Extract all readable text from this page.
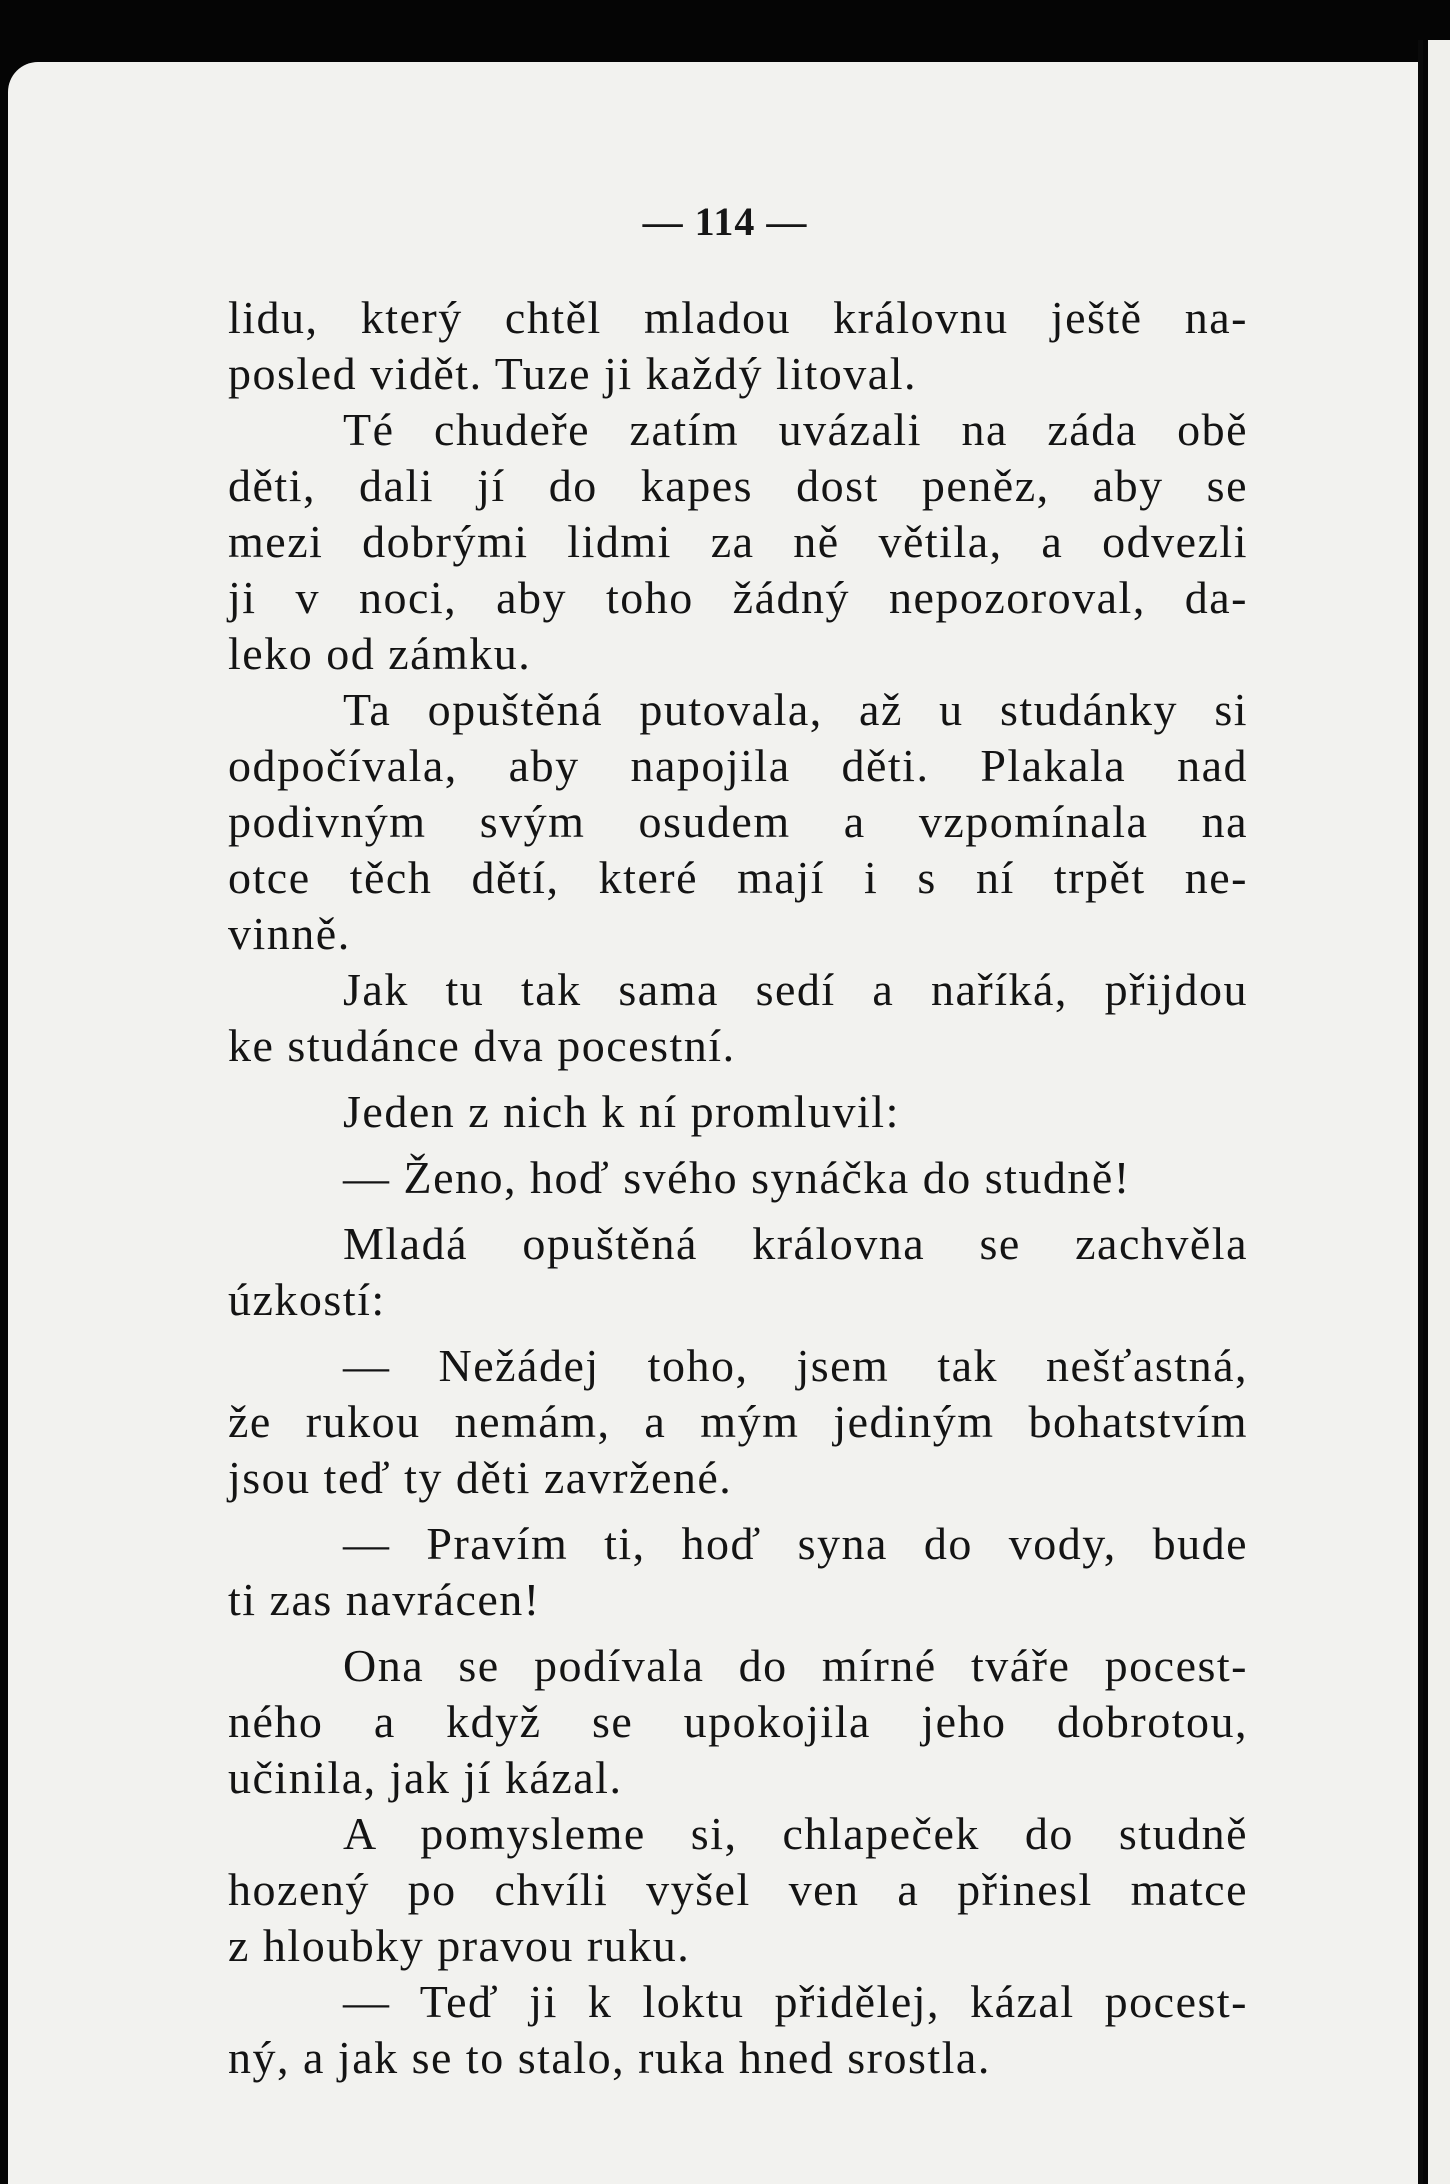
— 114 —
lidu, který chtěl mladou královnu ještě na-
posled vidět. Tuze ji každý litoval.
Té chudeře zatím uvázali na záda obě
děti, dali jí do kapes dost peněz, aby se
mezi dobrými lidmi za ně větila, a odvezli
ji v noci, aby toho žádný nepozoroval, da-
leko od zámku.
Ta opuštěná putovala, až u studánky si
odpočívala, aby napojila děti. Plakala nad
podivným svým osudem a vzpomínala na
otce těch dětí, které mají i s ní trpět ne-
vinně.
Jak tu tak sama sedí a naříká, přijdou
ke studánce dva pocestní.
Jeden z nich k ní promluvil:
— Ženo, hoď svého synáčka do studně!
Mladá opuštěná královna se zachvěla
úzkostí:
— Nežádej toho, jsem tak nešťastná,
že rukou nemám, a mým jediným bohatstvím
jsou teď ty děti zavržené.
— Pravím ti, hoď syna do vody, bude
ti zas navrácen!
Ona se podívala do mírné tváře pocest-
ného a když se upokojila jeho dobrotou,
učinila, jak jí kázal.
A pomysleme si, chlapeček do studně
hozený po chvíli vyšel ven a přinesl matce
z hloubky pravou ruku.
— Teď ji k loktu přidělej, kázal pocest-
ný, a jak se to stalo, ruka hned srostla.
